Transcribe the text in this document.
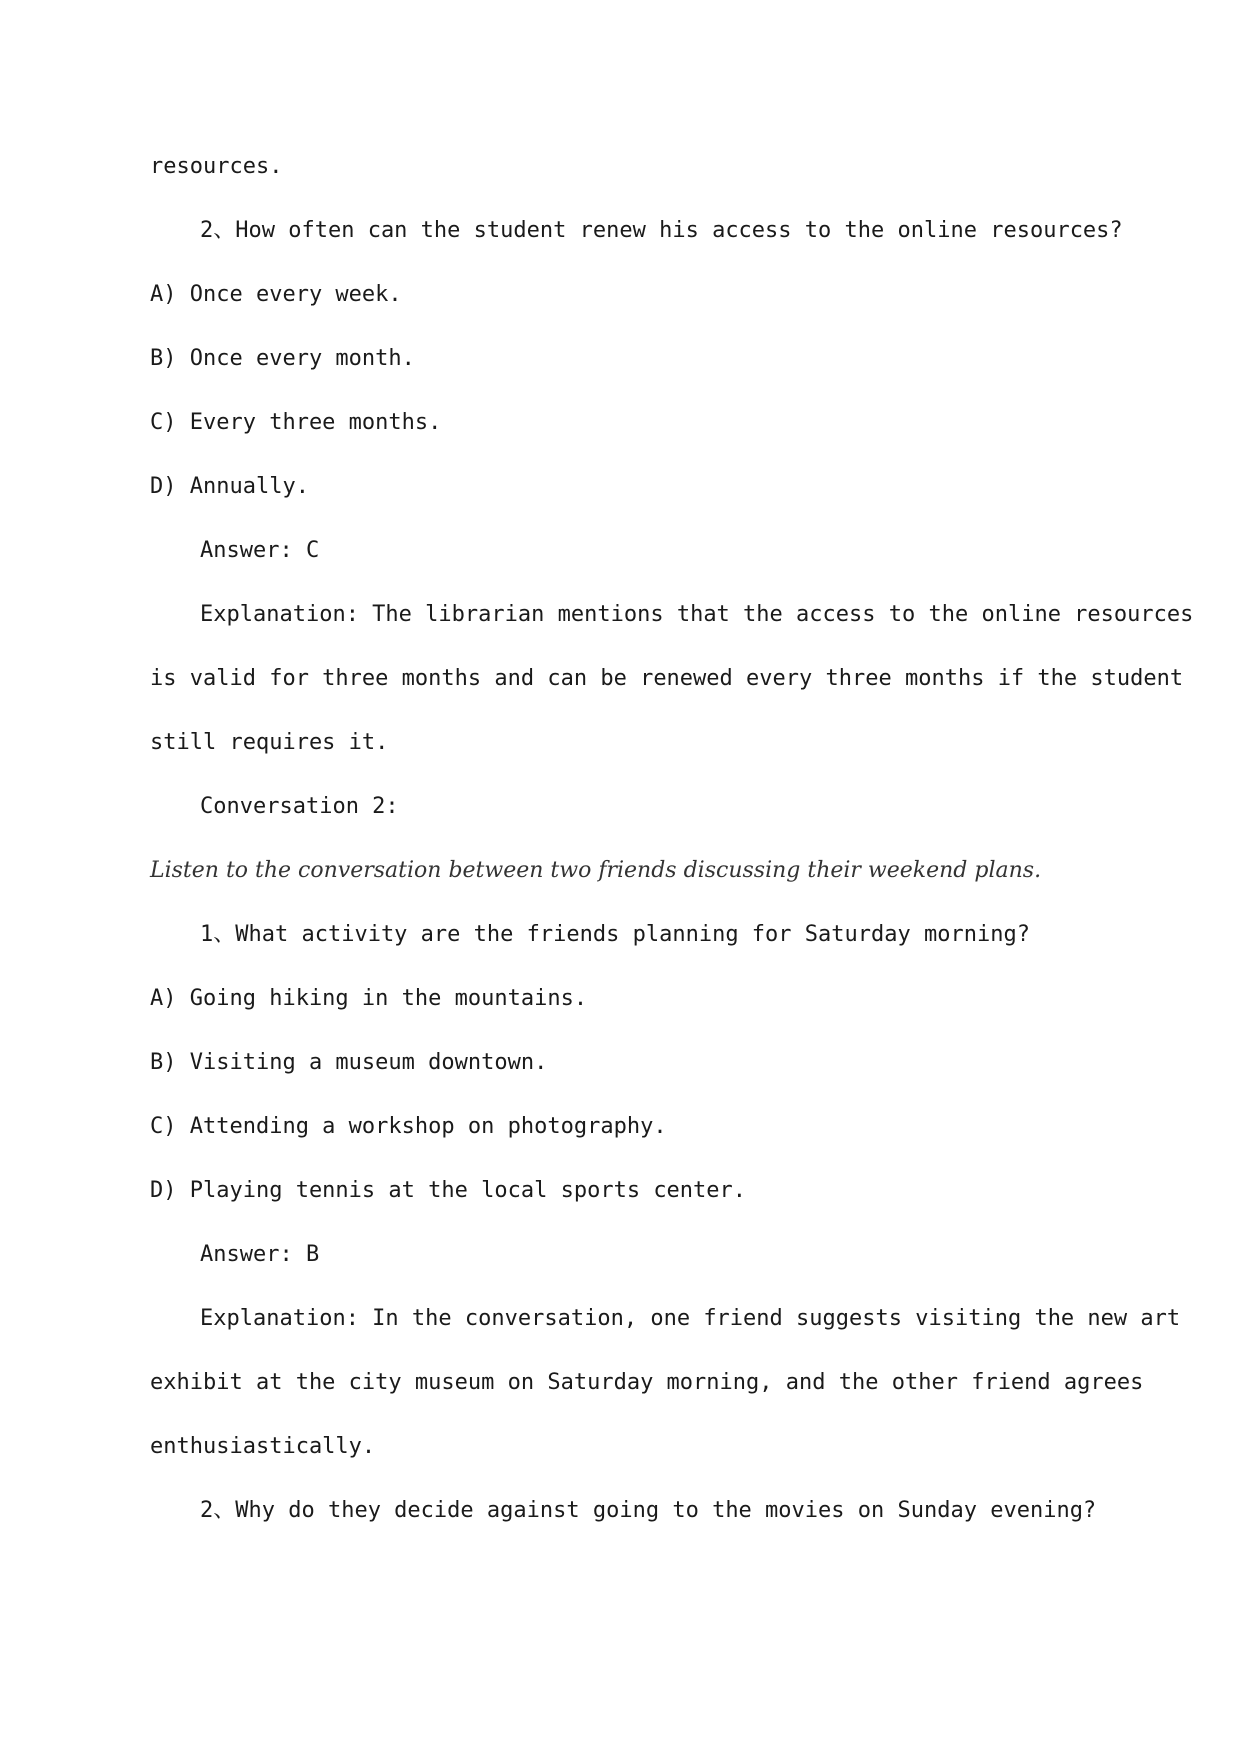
resources.
2、How often can the student renew his access to the online resources?
A) Once every week.
B) Once every month.
C) Every three months.
D) Annually.
Answer: C
Explanation: The librarian mentions that the access to the online resources
is valid for three months and can be renewed every three months if the student
still requires it.
Conversation 2:
Listen to the conversation between two friends discussing their weekend plans.
1、What activity are the friends planning for Saturday morning?
A) Going hiking in the mountains.
B) Visiting a museum downtown.
C) Attending a workshop on photography.
D) Playing tennis at the local sports center.
Answer: B
Explanation: In the conversation, one friend suggests visiting the new art
exhibit at the city museum on Saturday morning, and the other friend agrees
enthusiastically.
2、Why do they decide against going to the movies on Sunday evening?
